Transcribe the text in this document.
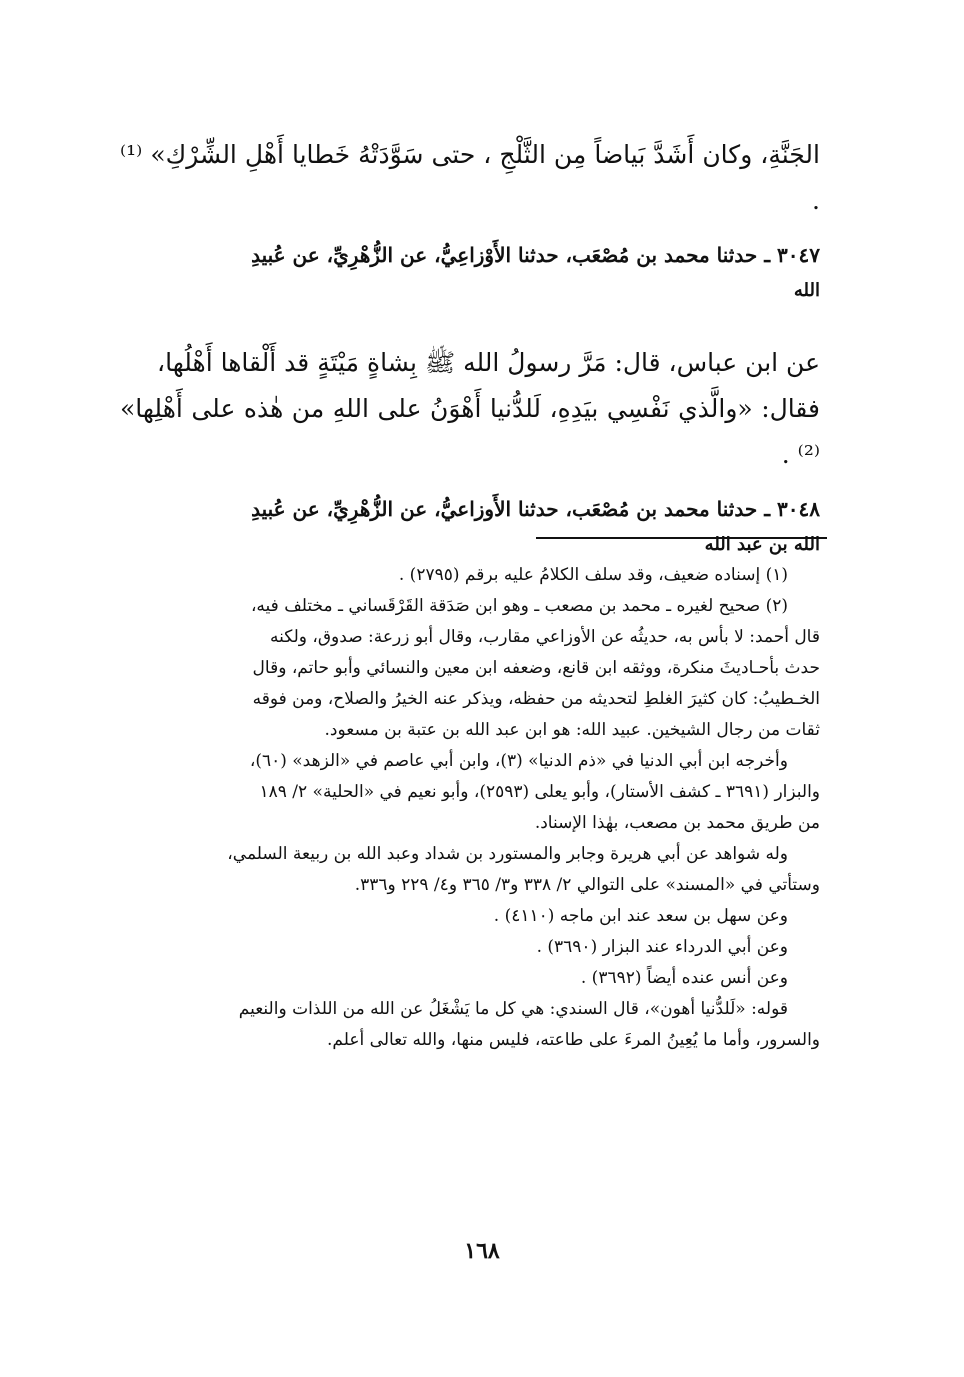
الجَنَّةِ، وكان أَشَدَّ بَياضاً مِن الثَّلْجِ ، حتى سَوَّدَتْهُ خَطايا أَهْلِ الشِّرْكِ» ⁽¹⁾ .

٣٠٤٧ ـ حدثنا محمد بن مُصْعَب، حدثنا الأَوْزاعِيُّ، عن الزُّهْرِيِّ، عن عُبيدِ

الله

عن ابن عباس، قال: مَرَّ رسولُ الله ﷺ بِشاةٍ مَيْتَةٍ قد أَلْقاها أَهْلُها،

فقال: «والَّذي نَفْسِي بيَدِهِ، لَلدُّنيا أَهْوَنُ على اللهِ من هٰذه على أَهْلِها» ⁽²⁾ .

٣٠٤٨ ـ حدثنا محمد بن مُصْعَب، حدثنا الأَوزاعيُّ، عن الزُّهْرِيِّ، عن عُبيدِ

الله بن عبد الله

(١) إسناده ضعيف، وقد سلف الكلامُ عليه برقم (٢٧٩٥) .

(٢) صحيح لغيره ـ محمد بن مصعب ـ وهو ابن صَدَقة القَرْقَساني ـ مختلف فيه،

قال أحمد: لا بأس به، حديثُه عن الأوزاعي مقارب، وقال أبو زرعة: صدوق، ولكنه

حدث بأحـاديثَ منكرة، ووثقه ابن قانع، وضعفه ابن معين والنسائي وأبو حاتم، وقال

الخـطيبُ: كان كثيرَ الغلطِ لتحديثه من حفظه، ويذكر عنه الخيرُ والصلاح، ومن فوقه

ثقات من رجال الشيخين. عبيد الله: هو ابن عبد الله بن عتبة بن مسعود.

وأخرجه ابن أبي الدنيا في «ذم الدنيا» (٣)، وابن أبي عاصم في «الزهد» (٦٠)،

والبزار (٣٦٩١ ـ كشف الأستار)، وأبو يعلى (٢٥٩٣)، وأبو نعيم في «الحلية» ٢/ ١٨٩

من طريق محمد بن مصعب، بهٰذا الإسناد.

وله شواهد عن أبي هريرة وجابر والمستورد بن شداد وعبد الله بن ربيعة السلمي،

وستأتي في «المسند» على التوالي ٢/ ٣٣٨ و٣/ ٣٦٥ و٤/ ٢٢٩ و٣٣٦.

وعن سهل بن سعد عند ابن ماجه (٤١١٠) .

وعن أبي الدرداء عند البزار (٣٦٩٠) .

وعن أنس عنده أيضاً (٣٦٩٢) .

قوله: «لَلدُّنيا أهون»، قال السندي: هي كل ما يَشْغَلُ عن الله من اللذات والنعيم

والسرور، وأما ما يُعِينُ المرءَ على طاعته، فليس منها، والله تعالى أعلم.

١٦٨
